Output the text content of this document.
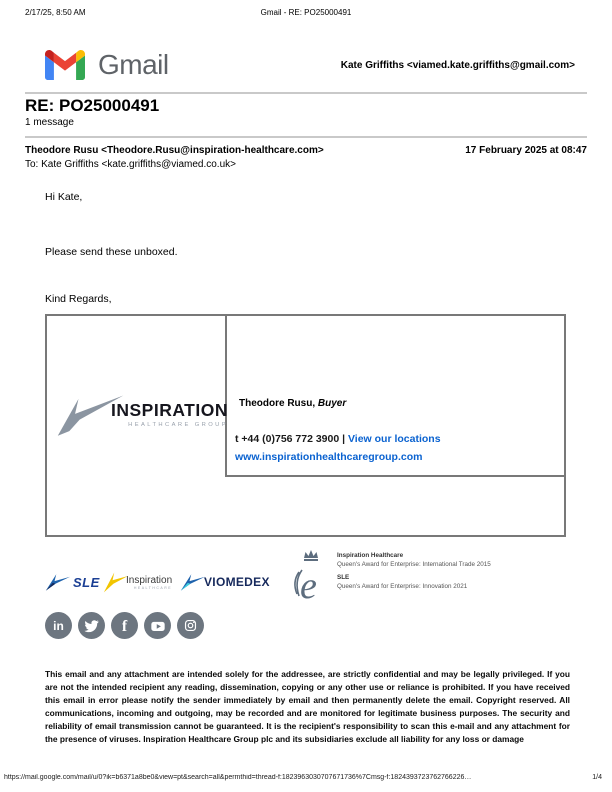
2/17/25, 8:50 AM	Gmail - RE: PO25000491
Gmail	Kate Griffiths <viamed.kate.griffiths@gmail.com>
RE: PO25000491
1 message
Theodore Rusu <Theodore.Rusu@inspiration-healthcare.com>	17 February 2025 at 08:47
To: Kate Griffiths <kate.griffiths@viamed.co.uk>

Hi Kate,

Please send these unboxed.

Kind Regards,

Theodore Rusu, Buyer
t +44 (0)756 772 3900 | View our locations
www.inspirationhealthcaregroup.com
INSPIRATION
HEALTHCARE GROUP
SLE	Inspiration
HEALTHCARE	VIOMEDEX e
Inspiration Healthcare
Queen's Award for Enterprise: International Trade 2015
SLE
Queen's Award for Enterprise: Innovation 2021
in	f
This email and any attachment are intended solely for the addressee, are strictly confidential and may be legally privileged. If you are not the intended recipient any reading, dissemination, copying or any other use or reliance is prohibited. If you have received this email in error please notify the sender immediately by email and then permanently delete the email. Copyright reserved. All communications, incoming and outgoing, may be recorded and are monitored for legitimate business purposes. The security and reliability of email transmission cannot be guaranteed. It is the recipient's responsibility to scan this e-mail and any attachment for the presence of viruses. Inspiration Healthcare Group plc and its subsidiaries exclude all liability for any loss or damage
https://mail.google.com/mail/u/0?ik=b6371a8be0&view=pt&search=all&permthid=thread-f:1823963030707671736%7Cmsg-f:1824393723762766226…	1/4
